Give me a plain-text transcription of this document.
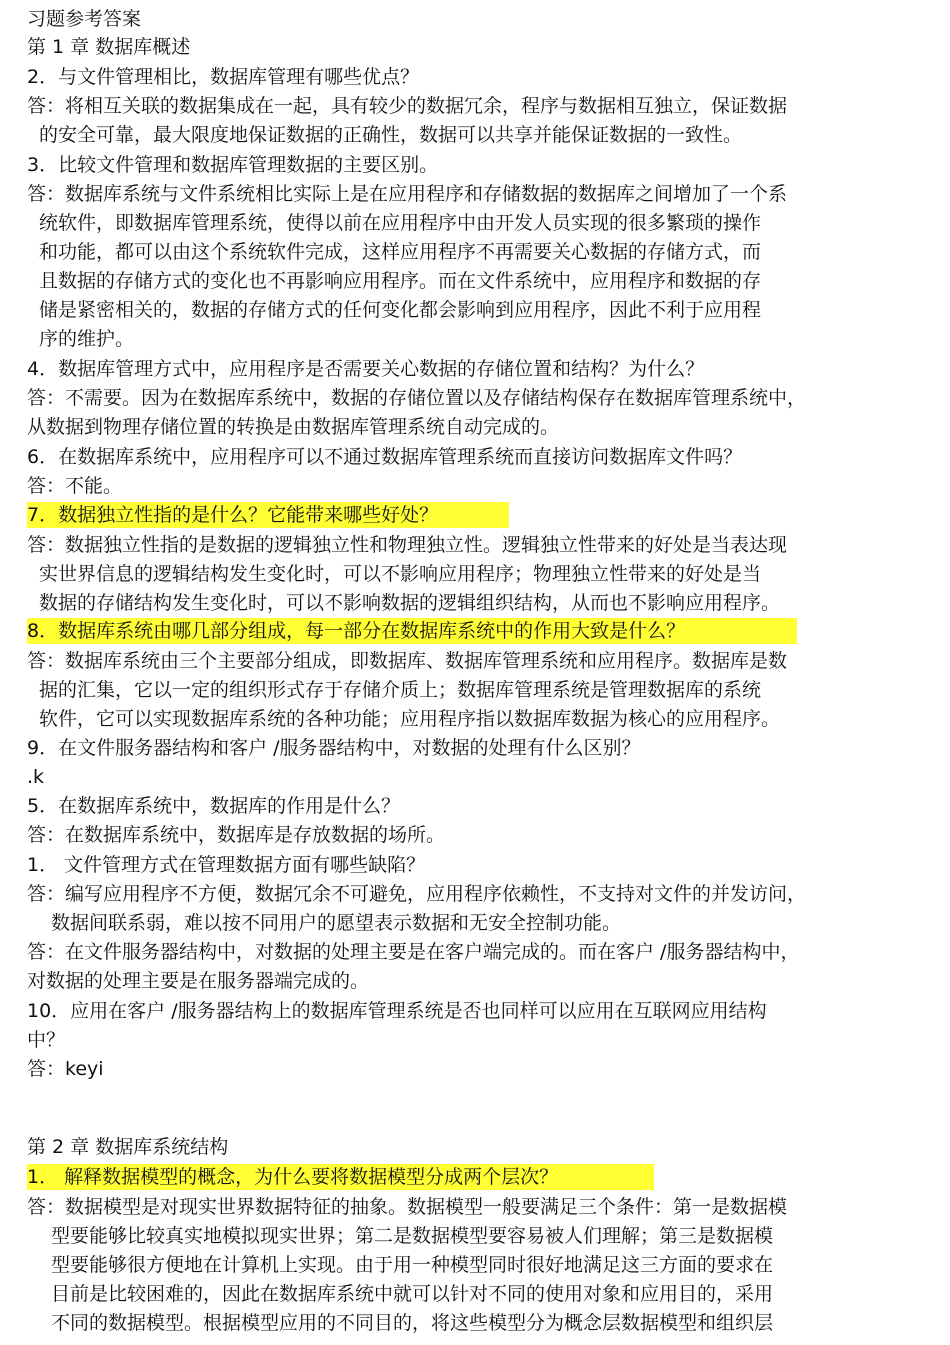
习题参考答案
第 1 章 数据库概述
2．与文件管理相比，数据库管理有哪些优点？
答：将相互关联的数据集成在一起，具有较少的数据冗余，程序与数据相互独立，保证数据
的安全可靠，最大限度地保证数据的正确性，数据可以共享并能保证数据的一致性。
3．比较文件管理和数据库管理数据的主要区别。
答：数据库系统与文件系统相比实际上是在应用程序和存储数据的数据库之间增加了一个系
统软件，即数据库管理系统，使得以前在应用程序中由开发人员实现的很多繁琐的操作
和功能，都可以由这个系统软件完成，这样应用程序不再需要关心数据的存储方式，而
且数据的存储方式的变化也不再影响应用程序。而在文件系统中，应用程序和数据的存
储是紧密相关的，数据的存储方式的任何变化都会影响到应用程序，因此不利于应用程
序的维护。
4．数据库管理方式中，应用程序是否需要关心数据的存储位置和结构？为什么？
答：不需要。因为在数据库系统中，数据的存储位置以及存储结构保存在数据库管理系统中，
从数据到物理存储位置的转换是由数据库管理系统自动完成的。
6．在数据库系统中，应用程序可以不通过数据库管理系统而直接访问数据库文件吗？
答：不能。
7．数据独立性指的是什么？它能带来哪些好处？
答：数据独立性指的是数据的逻辑独立性和物理独立性。逻辑独立性带来的好处是当表达现
实世界信息的逻辑结构发生变化时，可以不影响应用程序；物理独立性带来的好处是当
数据的存储结构发生变化时，可以不影响数据的逻辑组织结构，从而也不影响应用程序。
8．数据库系统由哪几部分组成，每一部分在数据库系统中的作用大致是什么？
答：数据库系统由三个主要部分组成，即数据库、数据库管理系统和应用程序。数据库是数
据的汇集，它以一定的组织形式存于存储介质上；数据库管理系统是管理数据库的系统
软件，它可以实现数据库系统的各种功能；应用程序指以数据库数据为核心的应用程序。
9．在文件服务器结构和客户 /服务器结构中，对数据的处理有什么区别？
.k
5．在数据库系统中，数据库的作用是什么？
答：在数据库系统中，数据库是存放数据的场所。
1． 文件管理方式在管理数据方面有哪些缺陷？
答：编写应用程序不方便，数据冗余不可避免，应用程序依赖性，不支持对文件的并发访问，
数据间联系弱，难以按不同用户的愿望表示数据和无安全控制功能。
答：在文件服务器结构中，对数据的处理主要是在客户端完成的。而在客户 /服务器结构中，
对数据的处理主要是在服务器端完成的。
10．应用在客户 /服务器结构上的数据库管理系统是否也同样可以应用在互联网应用结构
中？
答：keyi
第 2 章 数据库系统结构
1． 解释数据模型的概念，为什么要将数据模型分成两个层次？
答：数据模型是对现实世界数据特征的抽象。数据模型一般要满足三个条件：第一是数据模
型要能够比较真实地模拟现实世界；第二是数据模型要容易被人们理解；第三是数据模
型要能够很方便地在计算机上实现。由于用一种模型同时很好地满足这三方面的要求在
目前是比较困难的，因此在数据库系统中就可以针对不同的使用对象和应用目的，采用
不同的数据模型。根据模型应用的不同目的，将这些模型分为概念层数据模型和组织层
